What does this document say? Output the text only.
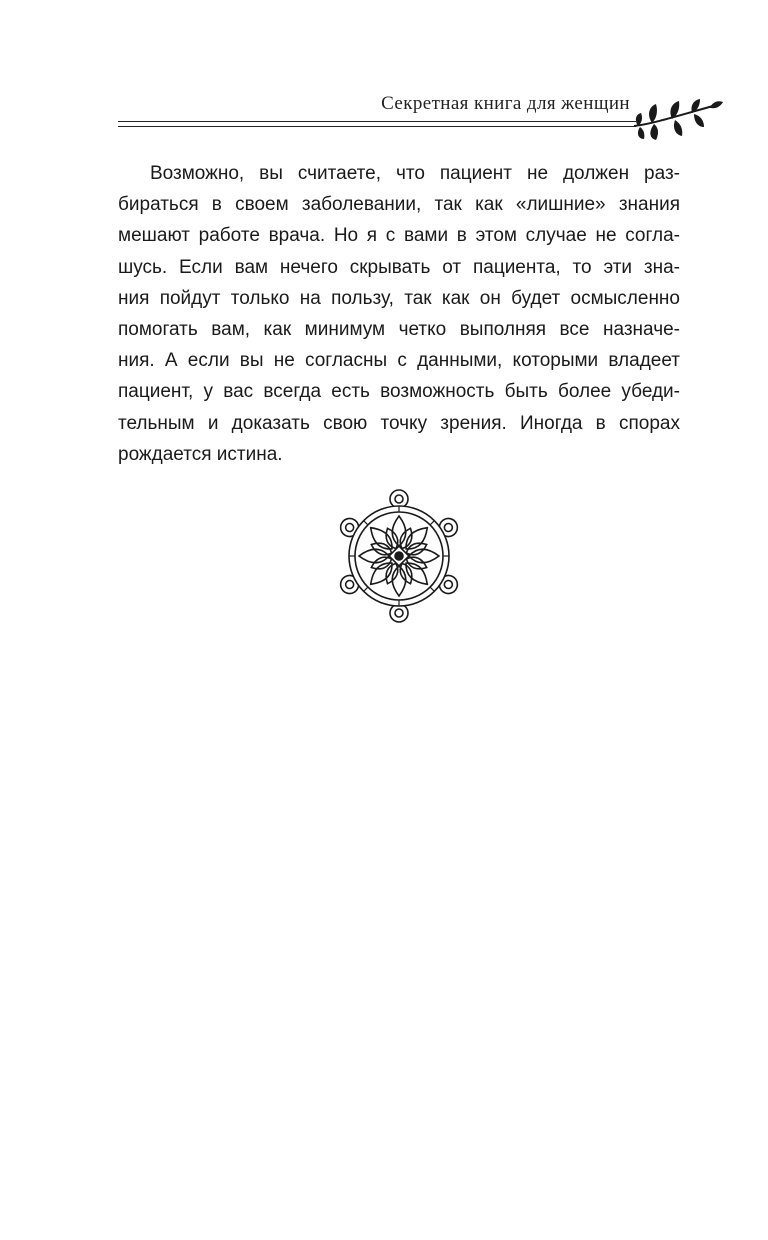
Секретная книга для женщин
Возможно, вы считаете, что пациент не должен раз-
бираться в своем заболевании, так как «лишние» знания
мешают работе врача. Но я с вами в этом случае не согла-
шусь. Если вам нечего скрывать от пациента, то эти зна-
ния пойдут только на пользу, так как он будет осмысленно
помогать вам, как минимум четко выполняя все назначе-
ния. А если вы не согласны с данными, которыми владеет
пациент, у вас всегда есть возможность быть более убеди-
тельным и доказать свою точку зрения. Иногда в спорах
рождается истина.
